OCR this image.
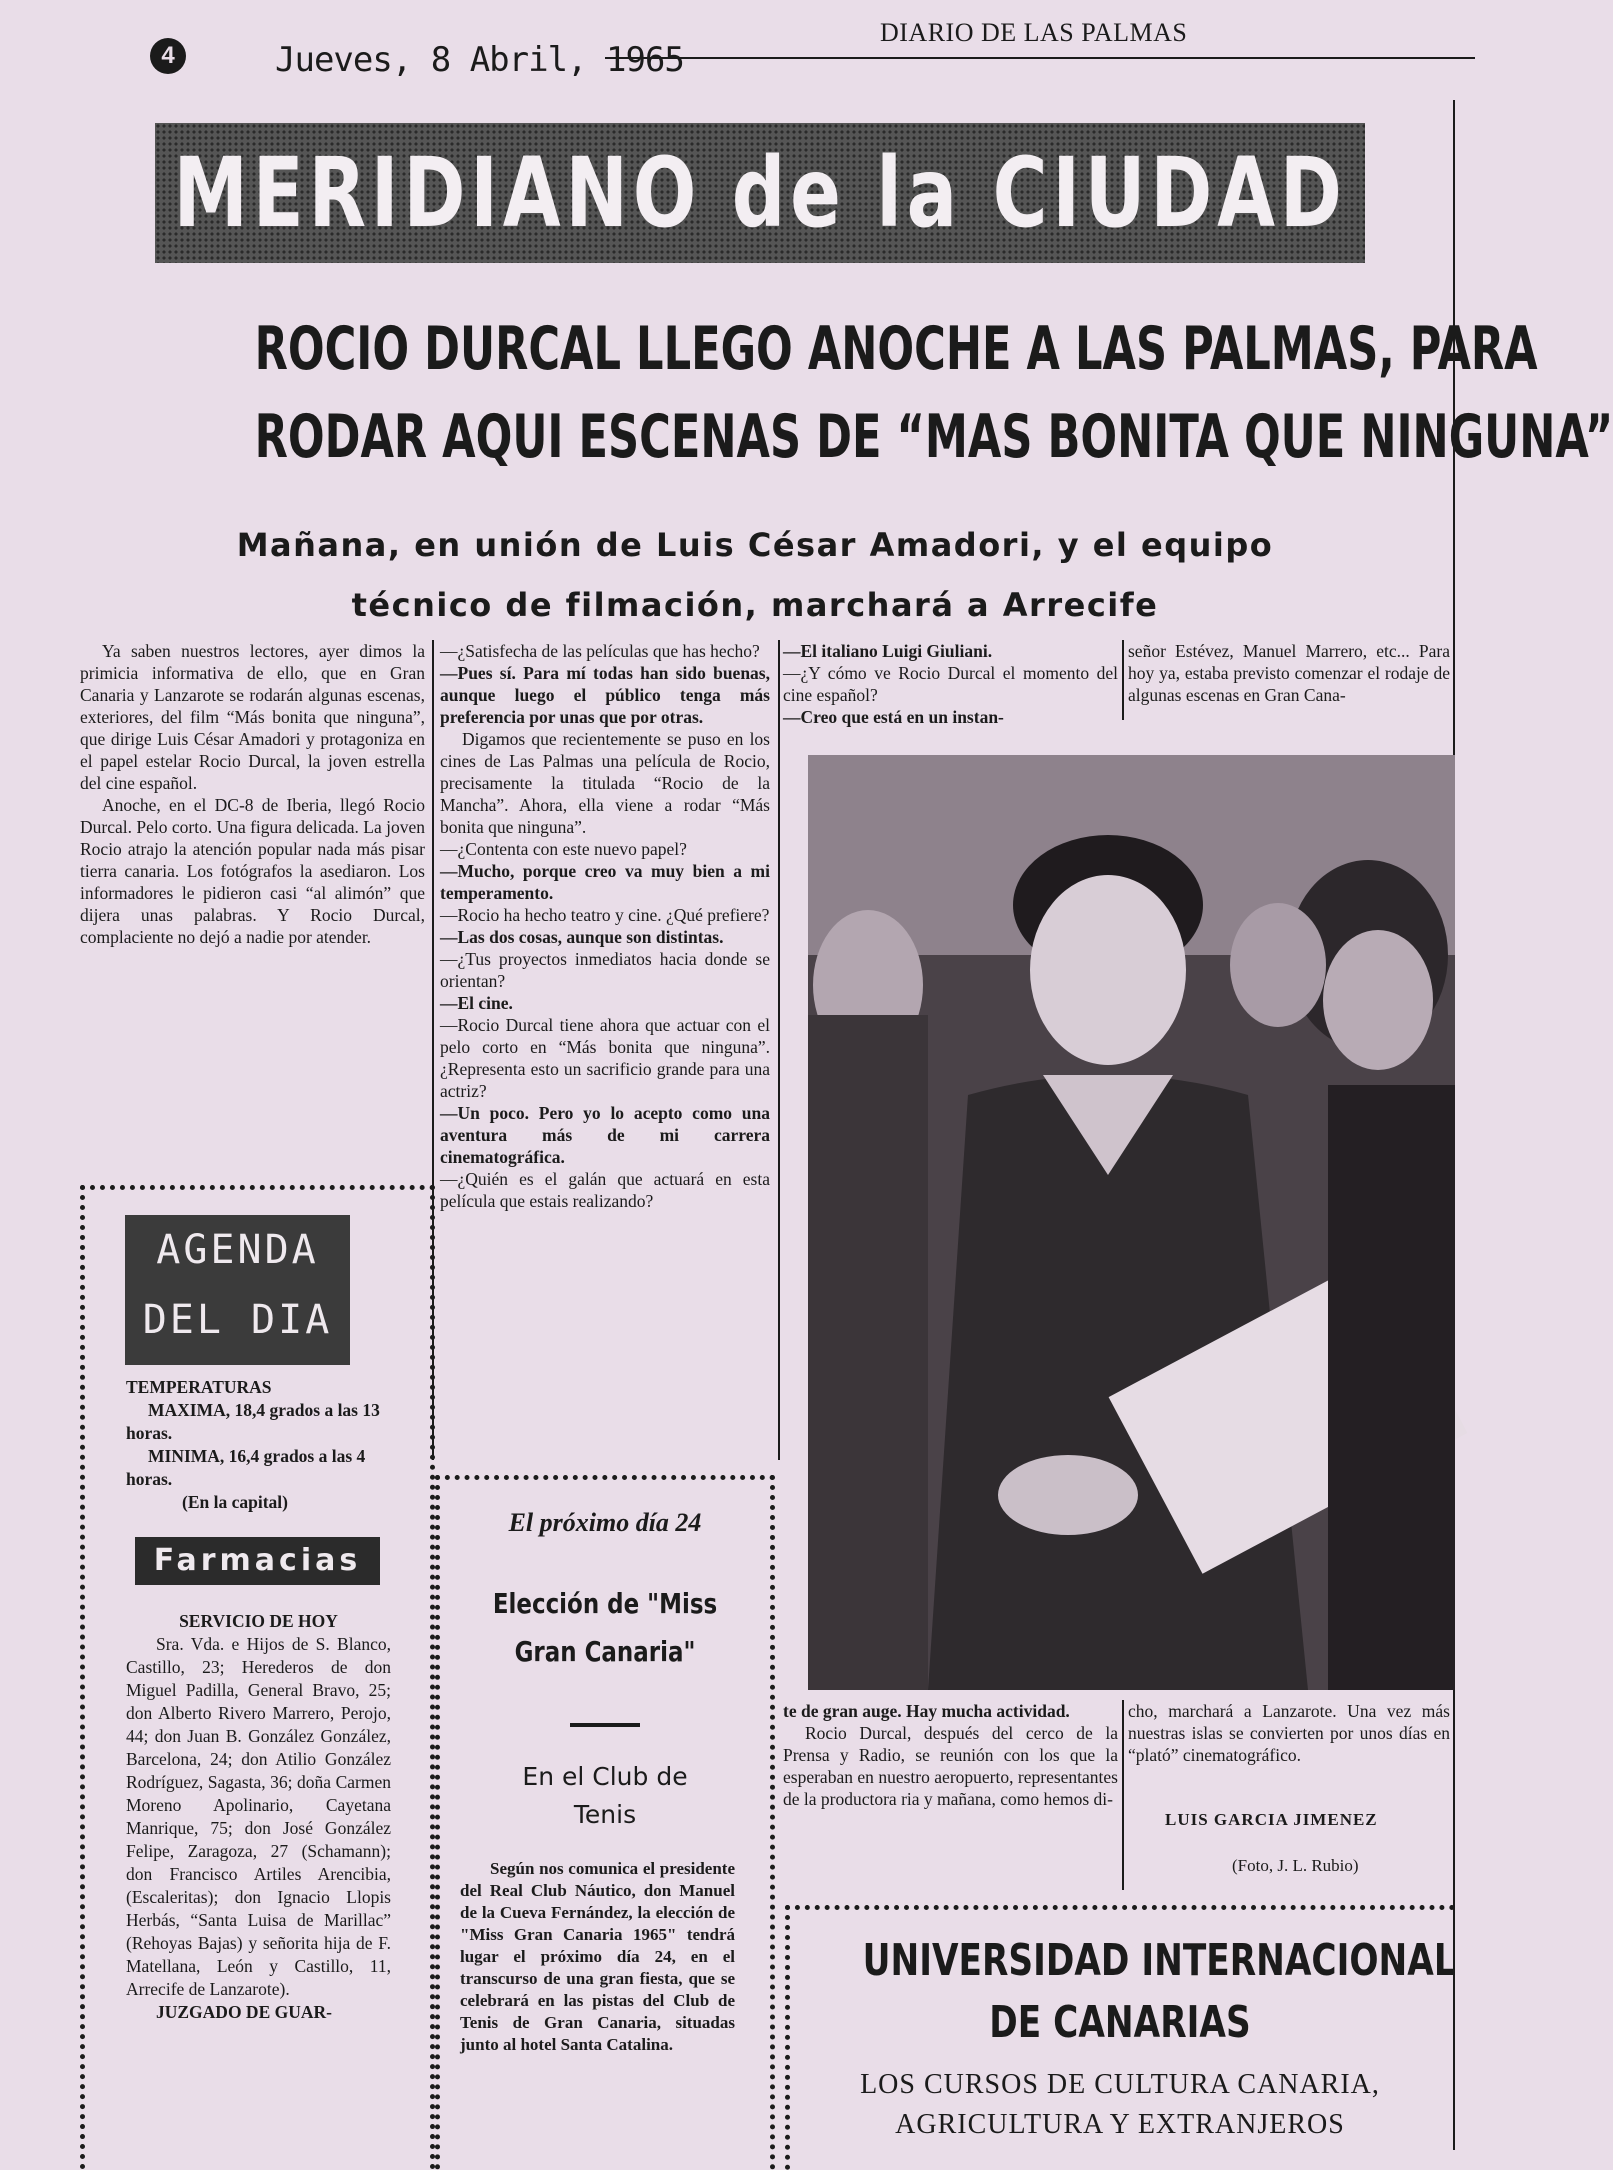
4	Jueves, 8 Abril, 1965
DIARIO DE LAS PALMAS
MERIDIANO de la CIUDAD
ROCIO DURCAL LLEGO ANOCHE A LAS PALMAS, PARA
RODAR AQUI ESCENAS DE “MAS BONITA QUE NINGUNA”
Mañana, en unión de Luis César Amadori, y el equipo
técnico de filmación, marchará a Arrecife

Ya saben nuestros lectores, ayer dimos la primicia informativa de ello, que en Gran Canaria y Lanzarote se rodarán algunas escenas, exteriores, del film “Más bonita que ninguna”, que dirige Luis César Amadori y protagoniza en el papel estelar Rocio Durcal, la joven estrella del cine español.

Anoche, en el DC-8 de Iberia, llegó Rocio Durcal. Pelo corto. Una figura delicada. La joven Rocio atrajo la atención popular nada más pisar tierra canaria. Los fotógrafos la asediaron. Los informadores le pidieron casi “al alimón” que dijera unas palabras. Y Rocio Durcal, complaciente no dejó a nadie por atender.

—¿Satisfecha de las películas que has hecho?

—Pues sí. Para mí todas han sido buenas, aunque luego el público tenga más preferencia por unas que por otras.

Digamos que recientemente se puso en los cines de Las Palmas una película de Rocio, precisamente la titulada “Rocio de la Mancha”. Ahora, ella viene a rodar “Más bonita que ninguna”.

—¿Contenta con este nuevo papel?

—Mucho, porque creo va muy bien a mi temperamento.

—Rocio ha hecho teatro y cine. ¿Qué prefiere?

—Las dos cosas, aunque son distintas.

—¿Tus proyectos inmediatos hacia donde se orientan?

—El cine.

—Rocio Durcal tiene ahora que actuar con el pelo corto en “Más bonita que ninguna”. ¿Representa esto un sacrificio grande para una actriz?

—Un poco. Pero yo lo acepto como una aventura más de mi carrera cinematográfica.

—¿Quién es el galán que actuará en esta película que estais realizando?

—El italiano Luigi Giuliani.

—¿Y cómo ve Rocio Durcal el momento del cine español?

—Creo que está en un instan-

señor Estévez, Manuel Marrero, etc... Para hoy ya, estaba previsto comenzar el rodaje de algunas escenas en Gran Cana-

te de gran auge. Hay mucha actividad.

Rocio Durcal, después del cerco de la Prensa y Radio, se reunión con los que la esperaban en nuestro aeropuerto, representantes de la productora ria y mañana, como hemos di-

cho, marchará a Lanzarote. Una vez más nuestras islas se convierten por unos días en “plató” cinematográfico.

LUIS GARCIA JIMENEZ
(Foto, J. L. Rubio)
AGENDA
DEL DIA
TEMPERATURAS
MAXIMA, 18,4 grados a las 13 horas.
MINIMA, 16,4 grados a las 4 horas.
(En la capital)
Farmacias
SERVICIO DE HOY
Sra. Vda. e Hijos de S. Blanco, Castillo, 23; Herederos de don Miguel Padilla, General Bravo, 25; don Alberto Rivero Marrero, Perojo, 44; don Juan B. González González, Barcelona, 24; don Atilio González Rodríguez, Sagasta, 36; doña Carmen Moreno Apolinario, Cayetana Manrique, 75; don José González Felipe, Zaragoza, 27 (Schamann); don Francisco Artiles Arencibia, (Escaleritas); don Ignacio Llopis Herbás, “Santa Luisa de Marillac” (Rehoyas Bajas) y señorita hija de F. Matellana, León y Castillo, 11, Arrecife de Lanzarote).
JUZGADO DE GUAR-
El próximo día 24
Elección de "Miss
Gran Canaria"
En el Club de
Tenis
Según nos comunica el presidente del Real Club Náutico, don Manuel de la Cueva Fernández, la elección de "Miss Gran Canaria 1965" tendrá lugar el próximo día 24, en el transcurso de una gran fiesta, que se celebrará en las pistas del Club de Tenis de Gran Canaria, situadas junto al hotel Santa Catalina.
UNIVERSIDAD INTERNACIONAL
DE CANARIAS
LOS CURSOS DE CULTURA CANARIA,
AGRICULTURA Y EXTRANJEROS
